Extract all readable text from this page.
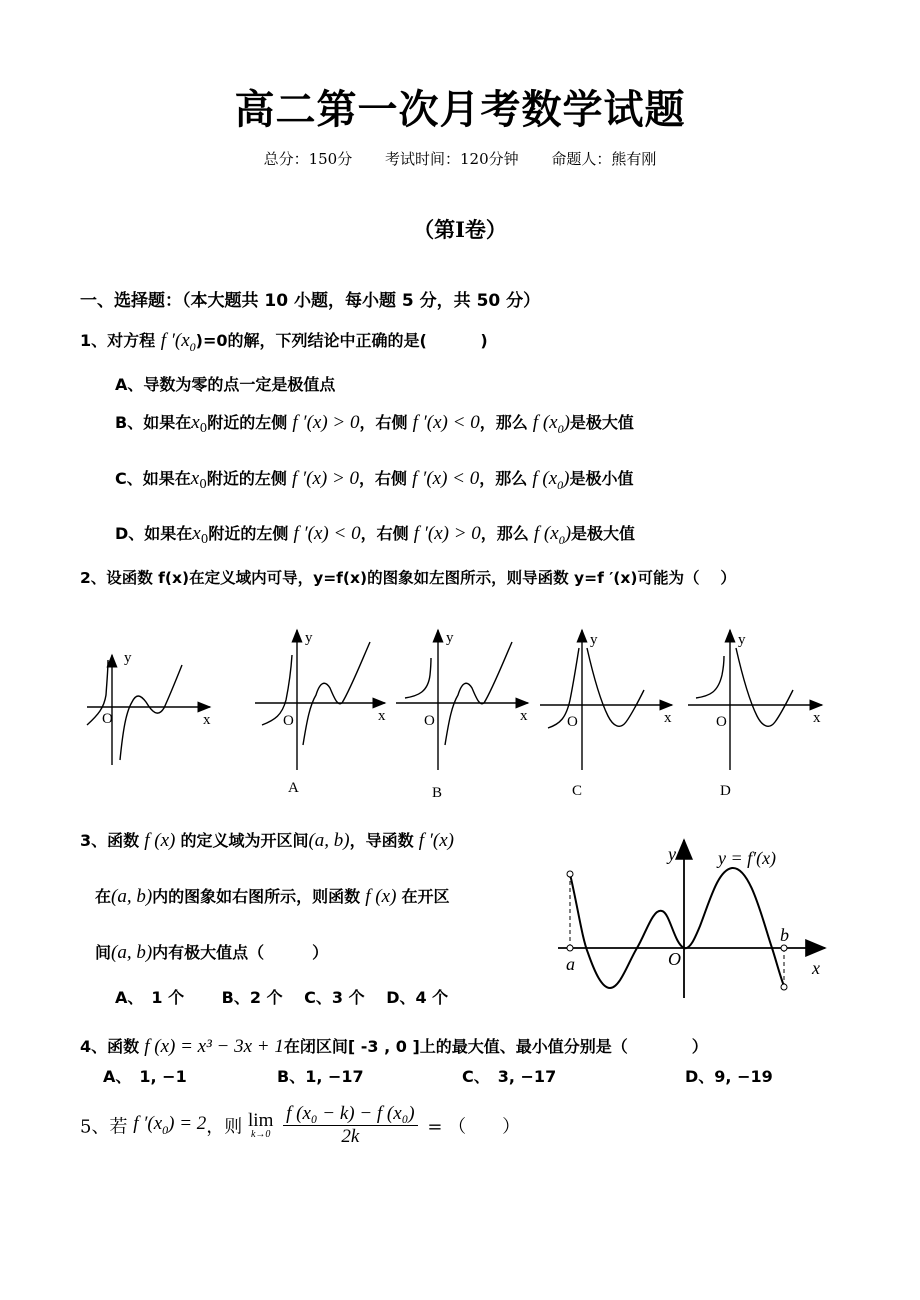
高二第一次月考数学试题
总分：150分 考试时间：120分钟 命题人：熊有刚
（第Ⅰ卷）
一、选择题：（本大题共 10 小题，每小题 5 分，共 50 分）
1、对方程 f $'(x_0)=0$的解，下列结论中正确的是(　　　 )
A、导数为零的点一定是极值点
B、如果在$x_0$附近的左侧 f ′(x) > 0，右侧 f ′(x) < 0，那么 f $(x_0)$是极大值
C、如果在$x_0$附近的左侧 f ′(x) > 0，右侧 f ′(x) < 0，那么 f $(x_0)$是极小值
D、如果在$x_0$附近的左侧 f ′(x) < 0，右侧 f ′(x) > 0，那么 f $(x_0)$是极大值
2、设函数 f(x)在定义域内可导，y=f(x)的图象如左图所示，则导函数 y=f ′(x)可能为（　 ）
y
O	x
y
O	x
y
O	x
y
O	x
y
O	x
A	B	C	D
3、函数 f (x) 的定义域为开区间(a, b)，导函数 f ′(x)
在(a, b)内的图象如右图所示，则函数 f (x) 在开区
间(a, b)内有极大值点（　　　）
A、　1 个　　 B、2 个　 C、3 个　 D、4 个
y y = f′(x)
O
a
b
x
4、函数 f (x) = x³ − 3x + 1在闭区间[ -3 , 0 ]上的最大值、最小值分别是（　　　　）
A、　1, −1	B、1, −17	C、　3, −17	D、9, −19
5、若 f $'(x_0) = 2$，则 lim
k→0
$\frac{\text{f (x₀ − k) − f (x₀)}}{2k}$ = （　　）
